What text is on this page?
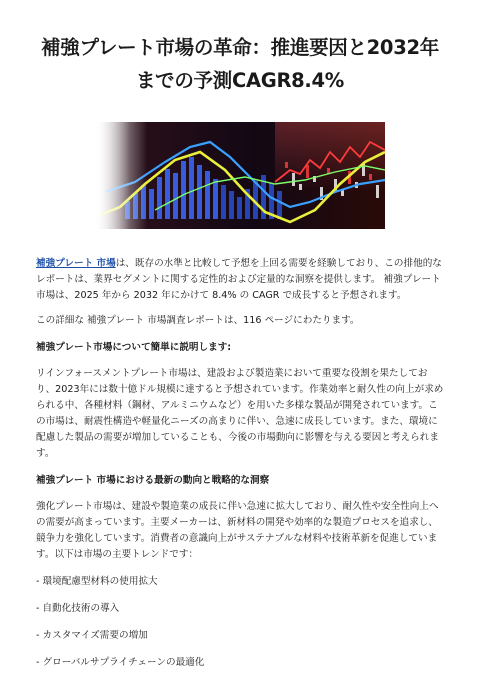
補強プレート市場の革命：推進要因と2032年までの予測CAGR8.4%

補強プレート 市場は、既存の水準と比較して予想を上回る需要を経験しており、この排他的なレポートは、業界セグメントに関する定性的および定量的な洞察を提供します。 補強プレート市場は、2025 年から 2032 年にかけて 8.4% の CAGR で成長すると予想されます。

この詳細な 補強プレート 市場調査レポートは、116 ページにわたります。

補強プレート市場について簡単に説明します:

リインフォースメントプレート市場は、建設および製造業において重要な役割を果たしており、2023年には数十億ドル規模に達すると予想されています。作業効率と耐久性の向上が求められる中、各種材料（鋼材、アルミニウムなど）を用いた多様な製品が開発されています。この市場は、耐震性構造や軽量化ニーズの高まりに伴い、急速に成長しています。また、環境に配慮した製品の需要が増加していることも、今後の市場動向に影響を与える要因と考えられます。

補強プレート 市場における最新の動向と戦略的な洞察

強化プレート市場は、建設や製造業の成長に伴い急速に拡大しており、耐久性や安全性向上への需要が高まっています。主要メーカーは、新材料の開発や効率的な製造プロセスを追求し、競争力を強化しています。消費者の意識向上がサステナブルな材料や技術革新を促進しています。以下は市場の主要トレンドです：

- 環境配慮型材料の使用拡大

- 自動化技術の導入

- カスタマイズ需要の増加

- グローバルサプライチェーンの最適化
